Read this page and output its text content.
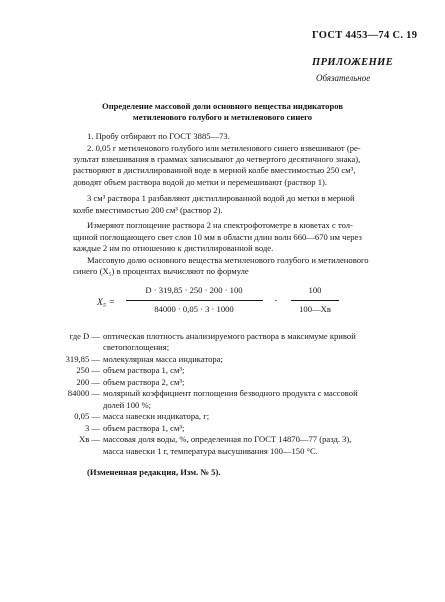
ГОСТ 4453—74 С. 19
ПРИЛОЖЕНИЕ
Обязательное
Определение массовой доли основного вещества индикаторов
метиленового голубого и метиленового синего
1. Пробу отбирают по ГОСТ 3885—73.
2. 0,05 г метиленового голубого или метиленового синего взвешивают (ре-
зультат взвешивания в граммах записывают до четвертого десятичного знака),
растворяют в дистиллированной воде в мерной колбе вместимостью 250 см³,
доводят объем раствора водой до метки и перемешивают (раствор 1).
3 см³ раствора 1 разбавляют дистиллированной водой до метки в мерной
колбе вместимостью 200 см³ (раствор 2).
Измеряют поглощение раствора 2 на спектрофотометре в кюветах с тол-
щиной поглощающего свет слоя 10 мм в области длин волн 660—670 нм через
каждые 2 нм по отношению к дистиллированной воде.
Массовую долю основного вещества метиленового голубого и метиленового
синего (X₅) в процентах вычисляют по формуле
X₅ =
D · 319,85 · 250 · 200 · 100
84000 · 0,05 · 3 · 1000
·
100
100—Xв
где D — оптическая плотность анализируемого раствора в максимуме кривой
светопоглощения;
319,85 — молекулярная масса индикатора;
250 — объем раствора 1, см³;
200 — объем раствора 2, см³;
84000 — молярный коэффициент поглощения безводного продукта с массовой
долей 100 %;
0,05 — масса навески индикатора, г;
3 — объем раствора 1, см³;
Xв — массовая доля воды, %, определенная по ГОСТ 14870—77 (разд. 3),
масса навески 1 г, температура высушивания 100—150 °С.
(Измененная редакция, Изм. № 5).
